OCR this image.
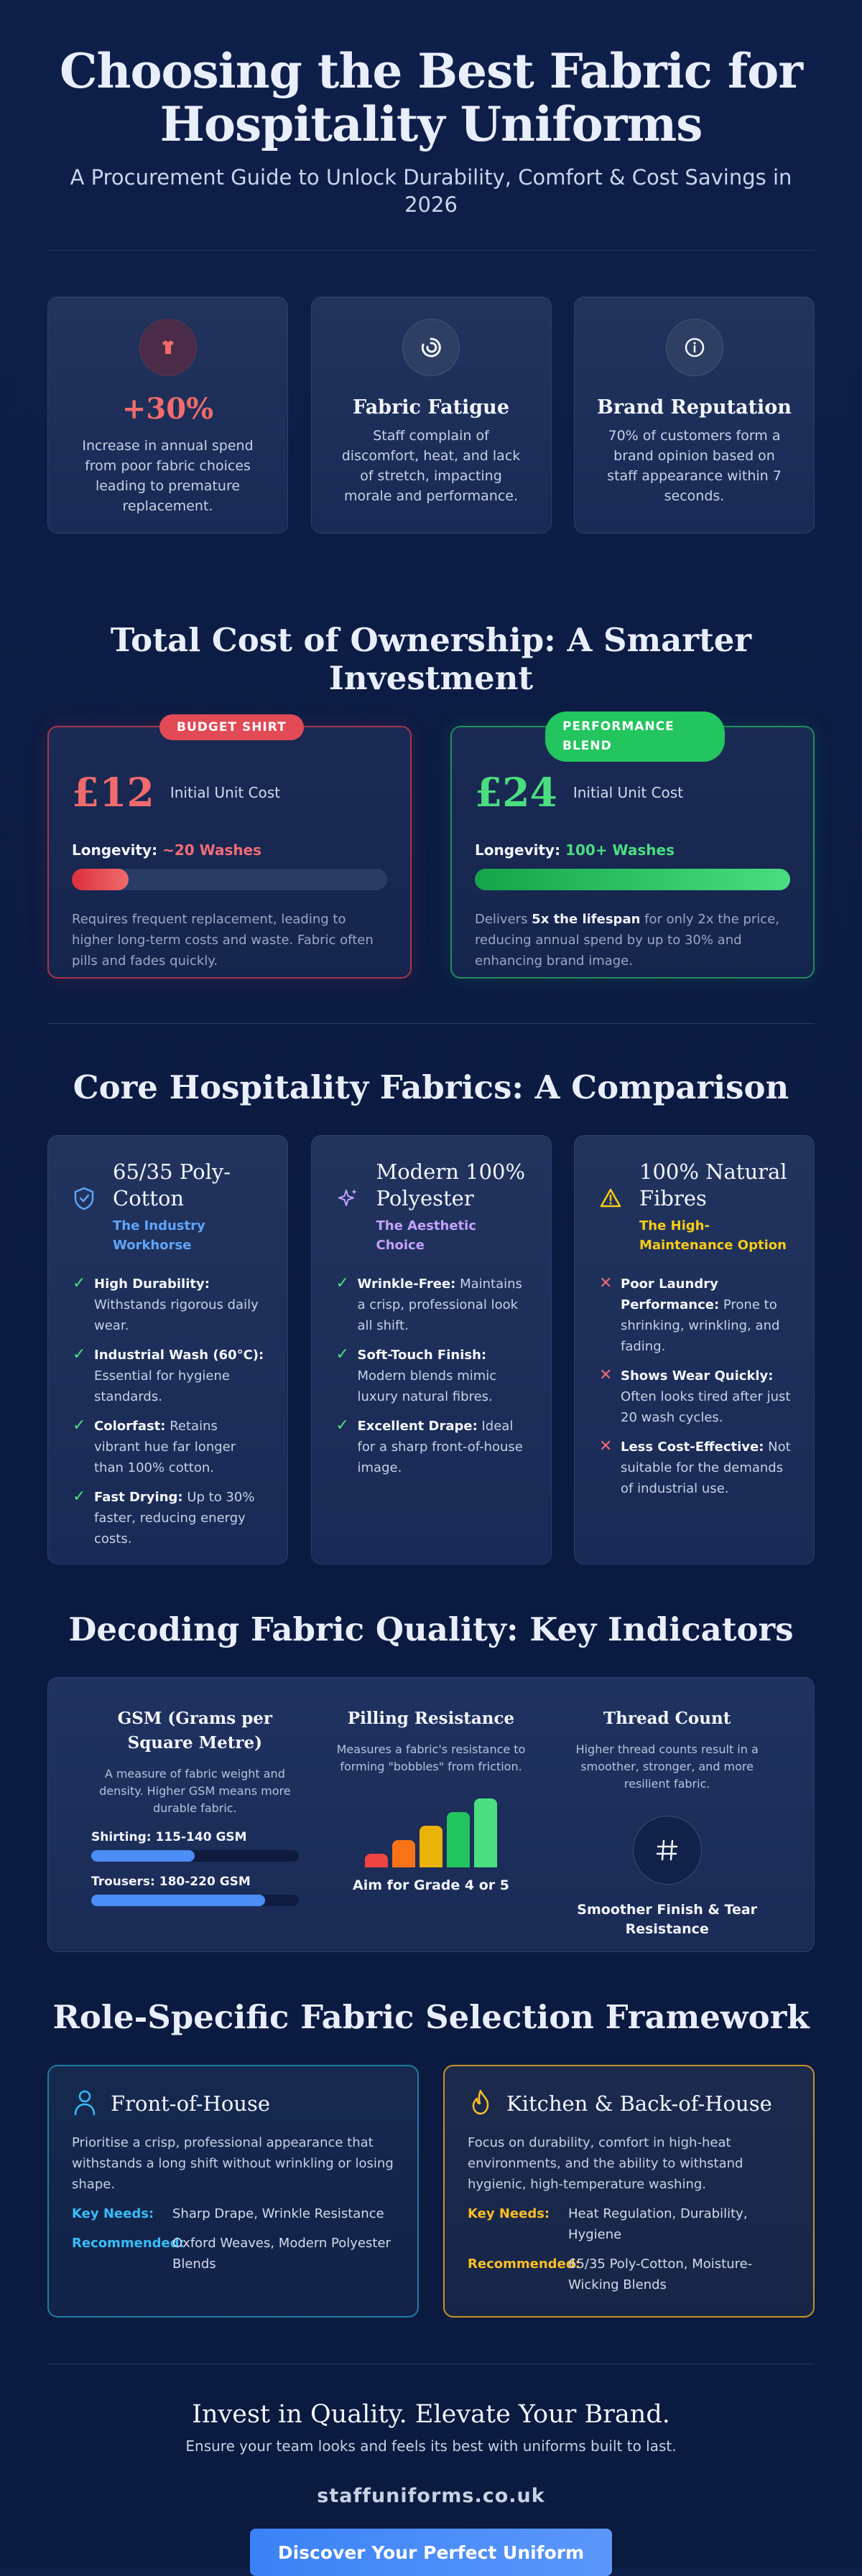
Choosing the Best Fabric for
Hospitality Uniforms

A Procurement Guide to Unlock Durability, Comfort & Cost Savings in 2026

+30%

Increase in annual spend from poor fabric choices leading to premature replacement.

Fabric Fatigue

Staff complain of discomfort, heat, and lack of stretch, impacting morale and performance.

Brand Reputation

70% of customers form a brand opinion based on staff appearance within 7 seconds.

Total Cost of Ownership: A Smarter Investment
BUDGET SHIRT
£12 Initial Unit Cost
Longevity: ~20 Washes

Requires frequent replacement, leading to higher long-term costs and waste. Fabric often pills and fades quickly.

PERFORMANCE BLEND
£24 Initial Unit Cost
Longevity: 100+ Washes

Delivers 5x the lifespan for only 2x the price, reducing annual spend by up to 30% and enhancing brand image.

Core Hospitality Fabrics: A Comparison
65/35 Poly-Cotton
The Industry Workhorse
✓ High Durability: Withstands rigorous daily wear.
✓ Industrial Wash (60°C): Essential for hygiene standards.
✓ Colorfast: Retains vibrant hue far longer than 100% cotton.
✓ Fast Drying: Up to 30% faster, reducing energy costs.
Modern 100% Polyester
The Aesthetic Choice
✓ Wrinkle-Free: Maintains a crisp, professional look all shift.
✓ Soft-Touch Finish: Modern blends mimic luxury natural fibres.
✓ Excellent Drape: Ideal for a sharp front-of-house image.
100% Natural Fibres
The High-Maintenance Option
✕ Poor Laundry Performance: Prone to shrinking, wrinkling, and fading.
✕ Shows Wear Quickly: Often looks tired after just 20 wash cycles.
✕ Less Cost-Effective: Not suitable for the demands of industrial use.
Decoding Fabric Quality: Key Indicators
GSM (Grams per Square Metre)

A measure of fabric weight and density. Higher GSM means more durable fabric.

Shirting: 115-140 GSM
Trousers: 180-220 GSM
Pilling Resistance

Measures a fabric's resistance to forming "bobbles" from friction.

Aim for Grade 4 or 5
Thread Count

Higher thread counts result in a smoother, stronger, and more resilient fabric.

Smoother Finish & Tear Resistance
Role-Specific Fabric Selection Framework
Front-of-House

Prioritise a crisp, professional appearance that withstands a long shift without wrinkling or losing shape.

Key Needs:	Sharp Drape, Wrinkle Resistance
Recommended:
Oxford Weaves, Modern Polyester Blends
Kitchen & Back-of-House

Focus on durability, comfort in high-heat environments, and the ability to withstand hygienic, high-temperature washing.

Key Needs:	Heat Regulation, Durability, Hygiene
Recommended:
65/35 Poly-Cotton, Moisture-Wicking Blends
Invest in Quality. Elevate Your Brand.
Ensure your team looks and feels its best with uniforms built to last.
staffuniforms.co.uk
Discover Your Perfect Uniform
